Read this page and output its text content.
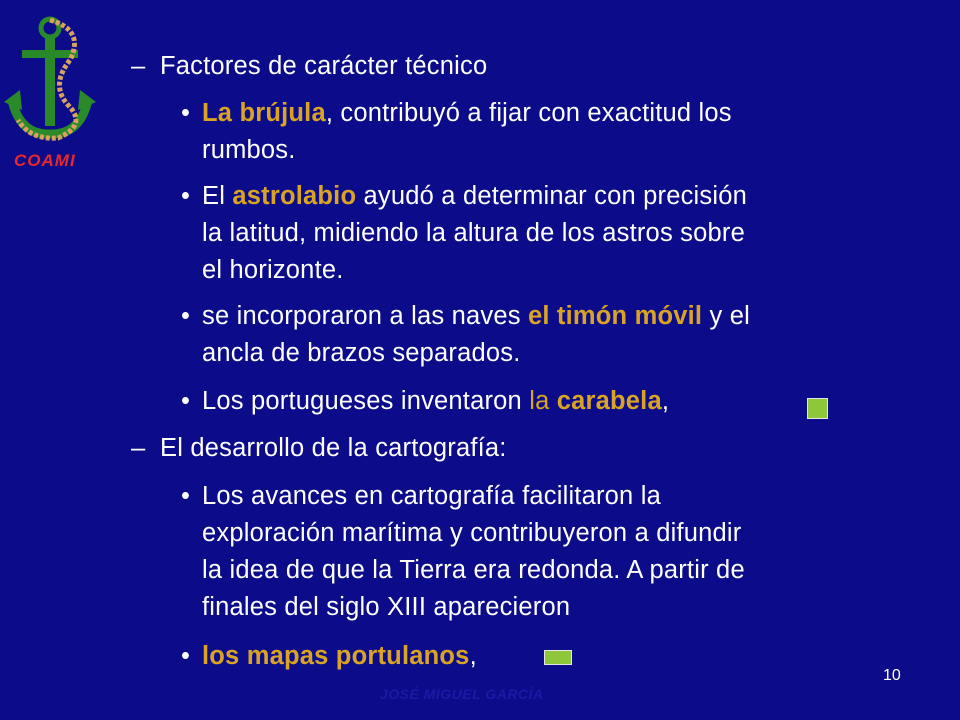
COAMI
– Factores de carácter técnico
• La brújula, contribuyó a fijar con exactitud los
rumbos.
• El astrolabio ayudó a determinar con precisión
la latitud, midiendo la altura de los astros sobre
el horizonte.
• se incorporaron a las naves el timón móvil y el
ancla de brazos separados.
• Los portugueses inventaron la carabela,
– El desarrollo de la cartografía:
• Los avances en cartografía facilitaron la
exploración marítima y contribuyeron a difundir
la idea de que la Tierra era redonda. A partir de
finales del siglo XIII aparecieron
• los mapas portulanos,
10
JOSÉ MIGUEL GARCÍA
